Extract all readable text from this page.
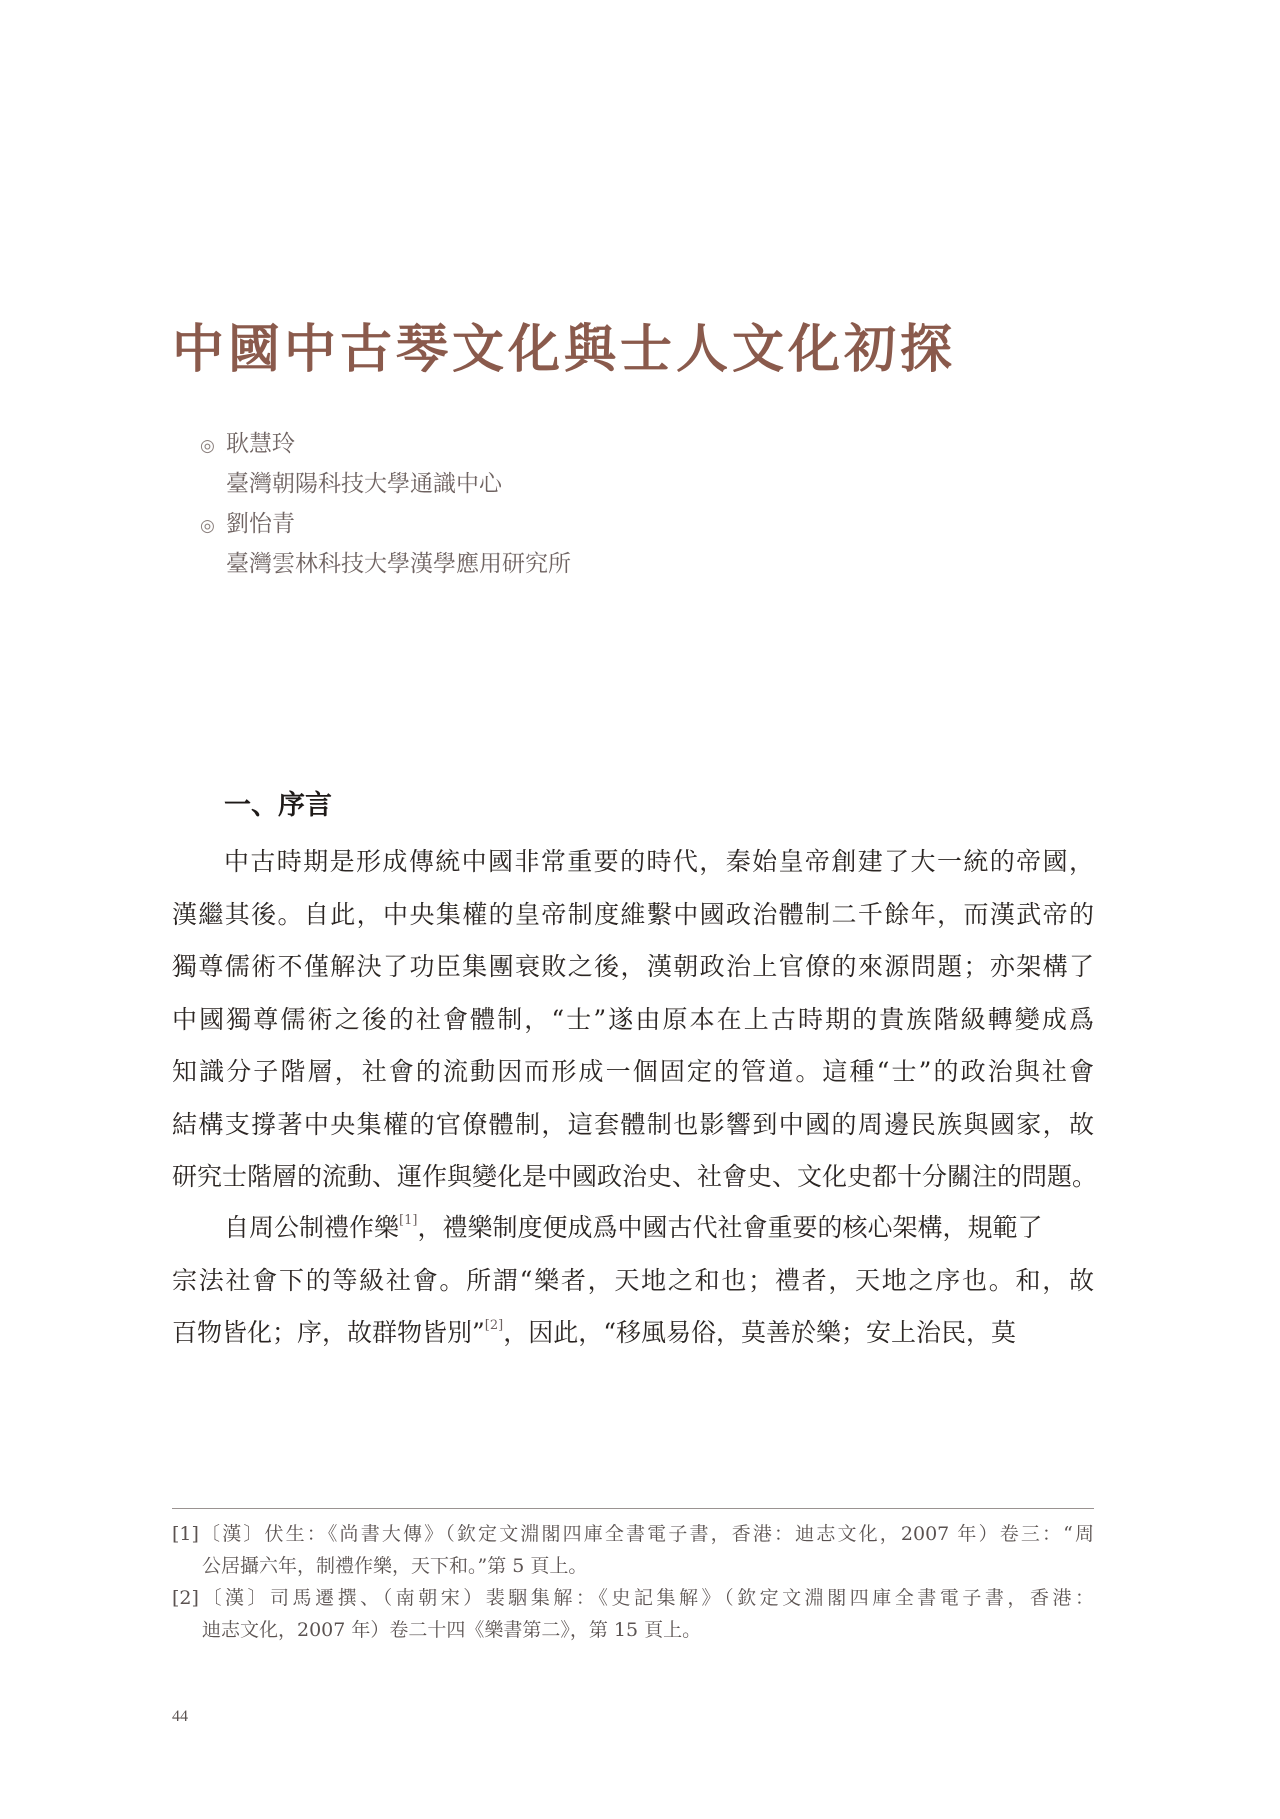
中國中古琴文化與士人文化初探
◎ 耿慧玲
臺灣朝陽科技大學通識中心
◎ 劉怡青
臺灣雲林科技大學漢學應用研究所
一、序言
中古時期是形成傳統中國非常重要的時代，秦始皇帝創建了大一統的帝國，
漢繼其後。自此，中央集權的皇帝制度維繫中國政治體制二千餘年，而漢武帝的
獨尊儒術不僅解決了功臣集團衰敗之後，漢朝政治上官僚的來源問題；亦架構了
中國獨尊儒術之後的社會體制，“士”遂由原本在上古時期的貴族階級轉變成爲
知識分子階層，社會的流動因而形成一個固定的管道。這種“士”的政治與社會
結構支撐著中央集權的官僚體制，這套體制也影響到中國的周邊民族與國家，故
研究士階層的流動、運作與變化是中國政治史、社會史、文化史都十分關注的問題。
自周公制禮作樂[1]，禮樂制度便成爲中國古代社會重要的核心架構，規範了
宗法社會下的等級社會。所謂“樂者，天地之和也；禮者，天地之序也。和，故
百物皆化；序，故群物皆別”[2]，因此，“移風易俗，莫善於樂；安上治民，莫
[1]〔漢〕伏生：《尚書大傳》（欽定文淵閣四庫全書電子書，香港：迪志文化，2007 年）卷三：“周
公居攝六年，制禮作樂，天下和。”第 5 頁上。
[2]〔漢〕司馬遷撰、（南朝宋）裴駰集解：《史記集解》（欽定文淵閣四庫全書電子書，香港：
迪志文化，2007 年）卷二十四《樂書第二》，第 15 頁上。
44
